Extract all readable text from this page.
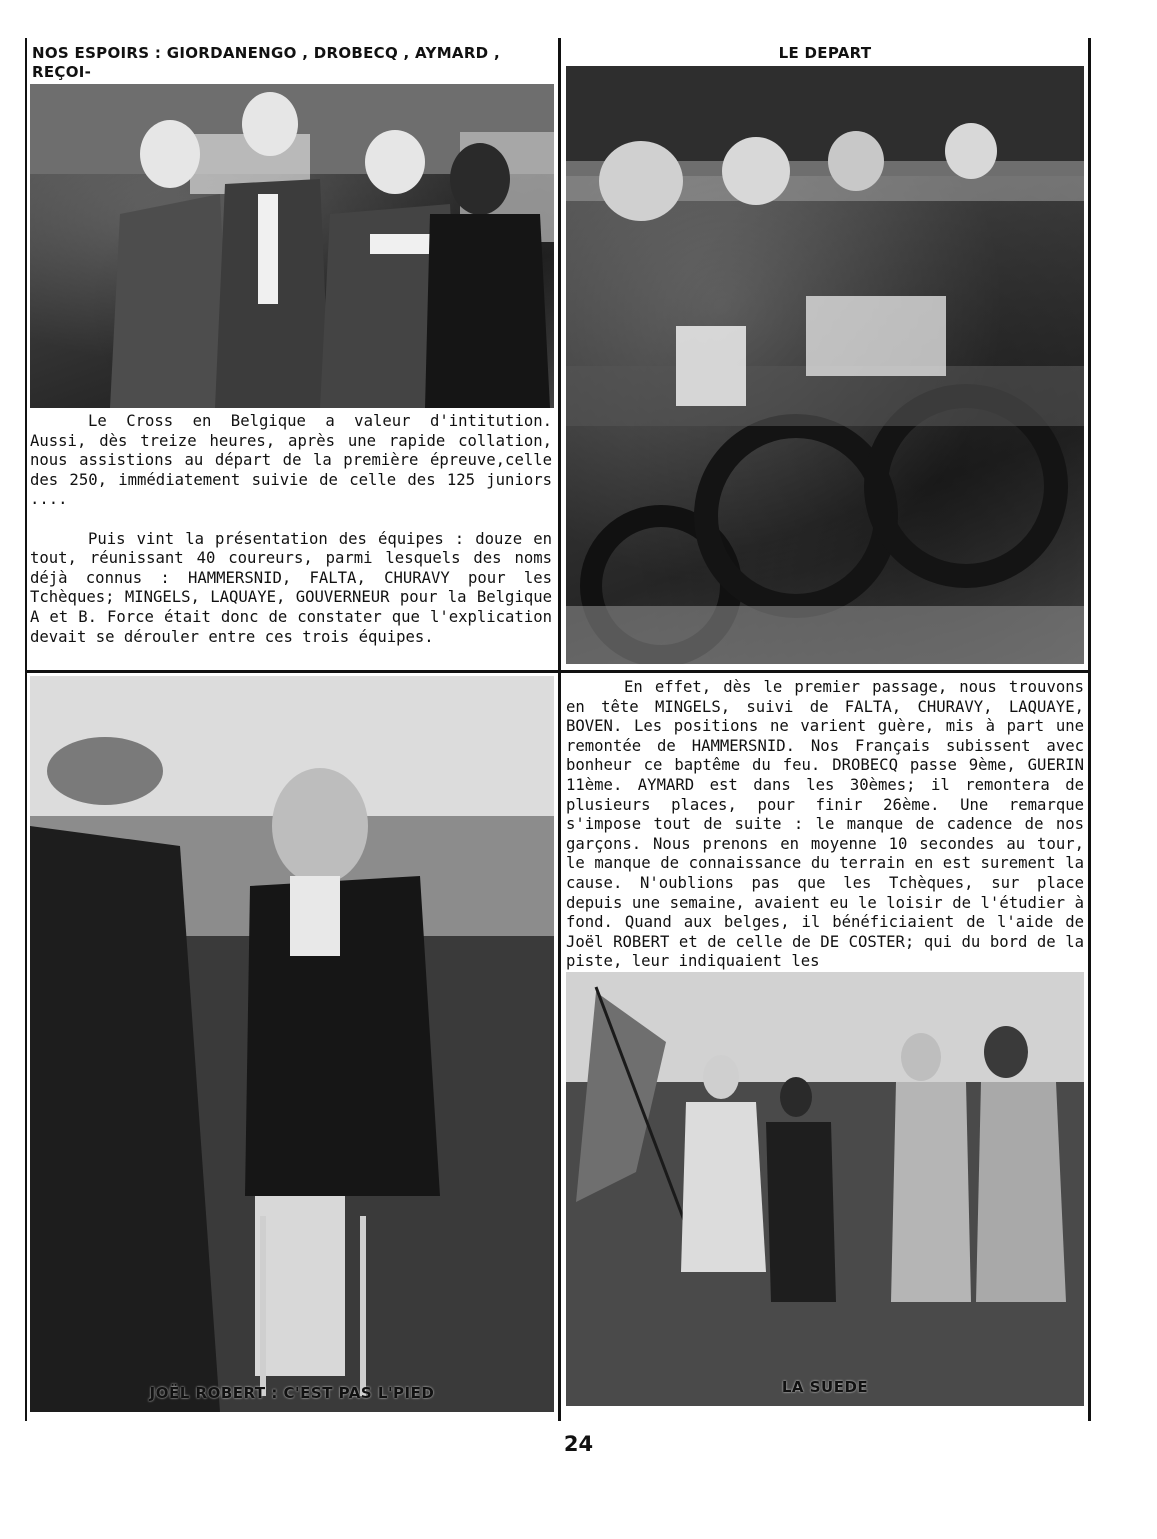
NOS ESPOIRS : GIORDANENGO , DROBECQ , AYMARD , REÇOI-

LE DEPART

Le Cross en Belgique a valeur d'intitution. Aussi, dès treize heures, après une rapide collation, nous assistions au départ de la première épreuve,celle des 250, immédiatement suivie de celle des 125 juniors ....

Puis vint la présentation des équipes : douze en tout, réunissant 40 coureurs, parmi lesquels des noms déjà connus : HAMMERSNID, FALTA, CHURAVY pour les Tchèques; MINGELS, LAQUAYE, GOUVERNEUR pour la Belgique A et B. Force était donc de constater que l'explication devait se dérouler entre ces trois équipes.

JOËL ROBERT : C'EST PAS L'PIED

En effet, dès le premier passage, nous trouvons en tête MINGELS, suivi de FALTA, CHURAVY, LAQUAYE, BOVEN. Les positions ne varient guère, mis à part une remontée de HAMMERSNID. Nos Français subissent avec bonheur ce baptême du feu. DROBECQ passe 9ème, GUERIN 11ème. AYMARD est dans les 30èmes; il remontera de plusieurs places, pour finir 26ème. Une remarque s'impose tout de suite : le manque de cadence de nos garçons. Nous prenons en moyenne 10 secondes au tour, le manque de connaissance du terrain en est surement la cause. N'oublions pas que les Tchèques, sur place depuis une semaine, avaient eu le loisir de l'étudier à fond. Quand aux belges, il bénéficiaient de l'aide de Joël ROBERT et de celle de DE COSTER; qui du bord de la piste, leur indiquaient les

LA SUEDE
24
